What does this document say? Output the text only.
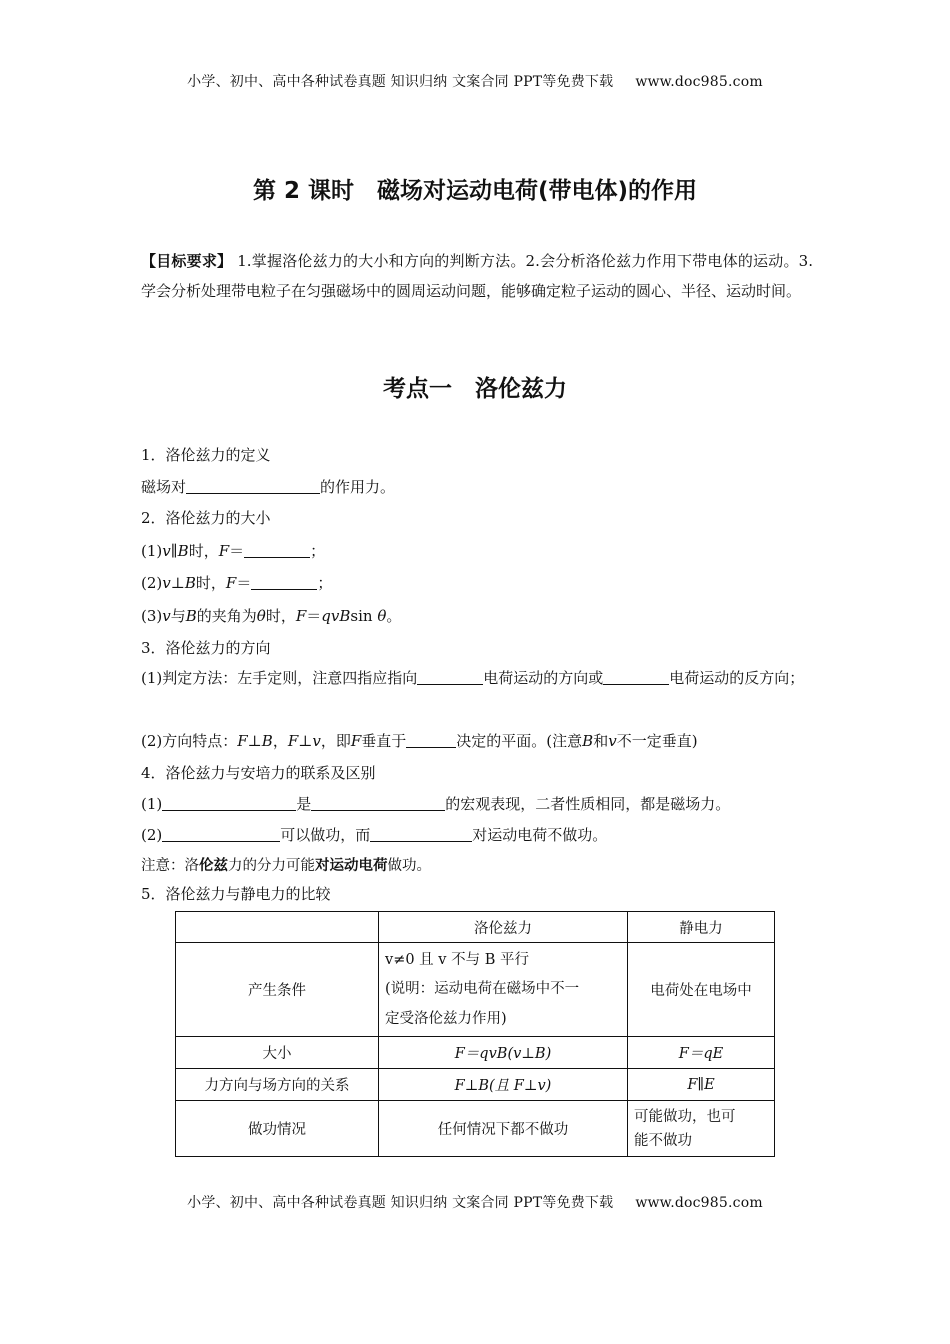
小学、初中、高中各种试卷真题 知识归纳 文案合同 PPT等免费下载 www.doc985.com
第 2 课时　磁场对运动电荷(带电体)的作用
【目标要求】 1.掌握洛伦兹力的大小和方向的判断方法。2.会分析洛伦兹力作用下带电体的运动。3.学会分析处理带电粒子在匀强磁场中的圆周运动问题，能够确定粒子运动的圆心、半径、运动时间。
考点一　洛伦兹力
1．洛伦兹力的定义
磁场对	的作用力。
2．洛伦兹力的大小
(1)v∥B时，F＝	；
(2)v⊥B时，F＝	；
(3)v与B的夹角为θ时，F＝qvBsin θ。
3．洛伦兹力的方向
(1)判定方法：左手定则，注意四指应指向	电荷运动的方向或	电荷运动的反方向；
(2)方向特点：F⊥B，F⊥v，即F垂直于	决定的平面。(注意B和v不一定垂直)
4．洛伦兹力与安培力的联系及区别
(1)	是	的宏观表现，二者性质相同，都是磁场力。
(2)	可以做功，而	对运动电荷不做功。
注意：洛伦兹力的分力可能对运动电荷做功。
5．洛伦兹力与静电力的比较
	洛伦兹力	静电力
产生条件	v≠0 且 v 不与 B 平行
(说明：运动电荷在磁场中不一
定受洛伦兹力作用)	电荷处在电场中
大小	F＝qvB(v⊥B)	F＝qE
力方向与场方向的关系	F⊥B(且 F⊥v)	F∥E
做功情况	任何情况下都不做功	可能做功，也可
能不做功
小学、初中、高中各种试卷真题 知识归纳 文案合同 PPT等免费下载 www.doc985.com
